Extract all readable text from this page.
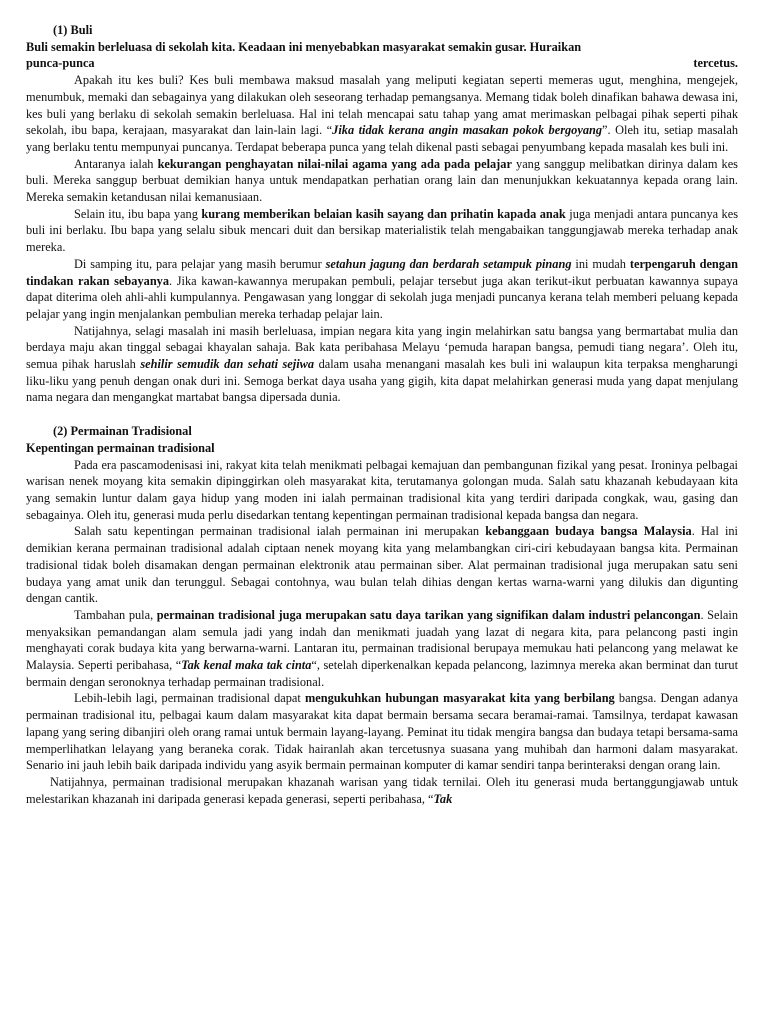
(1) Buli

Buli semakin berleluasa di sekolah kita. Keadaan ini menyebabkan masyarakat semakin gusar. Huraikan

punca-punca	tercetus.

Apakah itu kes buli? Kes buli membawa maksud masalah yang meliputi kegiatan seperti memeras ugut, menghina, mengejek, menumbuk, memaki dan sebagainya yang dilakukan oleh seseorang terhadap pemangsanya. Memang tidak boleh dinafikan bahawa dewasa ini, kes buli yang berlaku di sekolah semakin berleluasa. Hal ini telah mencapai satu tahap yang amat merimaskan pelbagai pihak seperti pihak sekolah, ibu bapa, kerajaan, masyarakat dan lain-lain lagi. “Jika tidak kerana angin masakan pokok bergoyang”. Oleh itu, setiap masalah yang berlaku tentu mempunyai puncanya. Terdapat beberapa punca yang telah dikenal pasti sebagai penyumbang kepada masalah kes buli ini.

Antaranya ialah kekurangan penghayatan nilai-nilai agama yang ada pada pelajar yang sanggup melibatkan dirinya dalam kes buli. Mereka sanggup berbuat demikian hanya untuk mendapatkan perhatian orang lain dan menunjukkan kekuatannya kepada orang lain. Mereka semakin ketandusan nilai kemanusiaan.

Selain itu, ibu bapa yang kurang memberikan belaian kasih sayang dan prihatin kapada anak juga menjadi antara puncanya kes buli ini berlaku. Ibu bapa yang selalu sibuk mencari duit dan bersikap materialistik telah mengabaikan tanggungjawab mereka terhadap anak mereka.

Di samping itu, para pelajar yang masih berumur setahun jagung dan berdarah setampuk pinang ini mudah terpengaruh dengan tindakan rakan sebayanya. Jika kawan-kawannya merupakan pembuli, pelajar tersebut juga akan terikut-ikut perbuatan kawannya supaya dapat diterima oleh ahli-ahli kumpulannya. Pengawasan yang longgar di sekolah juga menjadi puncanya kerana telah memberi peluang kepada pelajar yang ingin menjalankan pembulian mereka terhadap pelajar lain.

Natijahnya, selagi masalah ini masih berleluasa, impian negara kita yang ingin melahirkan satu bangsa yang bermartabat mulia dan berdaya maju akan tinggal sebagai khayalan sahaja. Bak kata peribahasa Melayu ‘pemuda harapan bangsa, pemudi tiang negara’. Oleh itu, semua pihak haruslah sehilir semudik dan sehati sejiwa dalam usaha menangani masalah kes buli ini walaupun kita terpaksa mengharungi liku-liku yang penuh dengan onak duri ini. Semoga berkat daya usaha yang gigih, kita dapat melahirkan generasi muda yang dapat menjulang nama negara dan mengangkat martabat bangsa dipersada dunia.

(2) Permainan Tradisional

Kepentingan permainan tradisional

Pada era pascamodenisasi ini, rakyat kita telah menikmati pelbagai kemajuan dan pembangunan fizikal yang pesat. Ironinya pelbagai warisan nenek moyang kita semakin dipinggirkan oleh masyarakat kita, terutamanya golongan muda. Salah satu khazanah kebudayaan kita yang semakin luntur dalam gaya hidup yang moden ini ialah permainan tradisional kita yang terdiri daripada congkak, wau, gasing dan sebagainya. Oleh itu, generasi muda perlu disedarkan tentang kepentingan permainan tradisional kepada bangsa dan negara.

Salah satu kepentingan permainan tradisional ialah permainan ini merupakan kebanggaan budaya bangsa Malaysia. Hal ini demikian kerana permainan tradisional adalah ciptaan nenek moyang kita yang melambangkan ciri-ciri kebudayaan bangsa kita. Permainan tradisional tidak boleh disamakan dengan permainan elektronik atau permainan siber. Alat permainan tradisional juga merupakan satu seni budaya yang amat unik dan terunggul. Sebagai contohnya, wau bulan telah dihias dengan kertas warna-warni yang dilukis dan digunting dengan cantik.

Tambahan pula, permainan tradisional juga merupakan satu daya tarikan yang signifikan dalam industri pelancongan. Selain menyaksikan pemandangan alam semula jadi yang indah dan menikmati juadah yang lazat di negara kita, para pelancong pasti ingin menghayati corak budaya kita yang berwarna-warni. Lantaran itu, permainan tradisional berupaya memukau hati pelancong yang melawat ke Malaysia. Seperti peribahasa, “Tak kenal maka tak cinta“, setelah diperkenalkan kepada pelancong, lazimnya mereka akan berminat dan turut bermain dengan seronoknya terhadap permainan tradisional.

Lebih-lebih lagi, permainan tradisional dapat mengukuhkan hubungan masyarakat kita yang berbilang bangsa. Dengan adanya permainan tradisional itu, pelbagai kaum dalam masyarakat kita dapat bermain bersama secara beramai-ramai. Tamsilnya, terdapat kawasan lapang yang sering dibanjiri oleh orang ramai untuk bermain layang-layang. Peminat itu tidak mengira bangsa dan budaya tetapi bersama-sama memperlihatkan lelayang yang beraneka corak. Tidak hairanlah akan tercetusnya suasana yang muhibah dan harmoni dalam masyarakat. Senario ini jauh lebih baik daripada individu yang asyik bermain permainan komputer di kamar sendiri tanpa berinteraksi dengan orang lain.

Natijahnya, permainan tradisional merupakan khazanah warisan yang tidak ternilai. Oleh itu generasi muda bertanggungjawab untuk melestarikan khazanah ini daripada generasi kepada generasi, seperti peribahasa, “Tak
